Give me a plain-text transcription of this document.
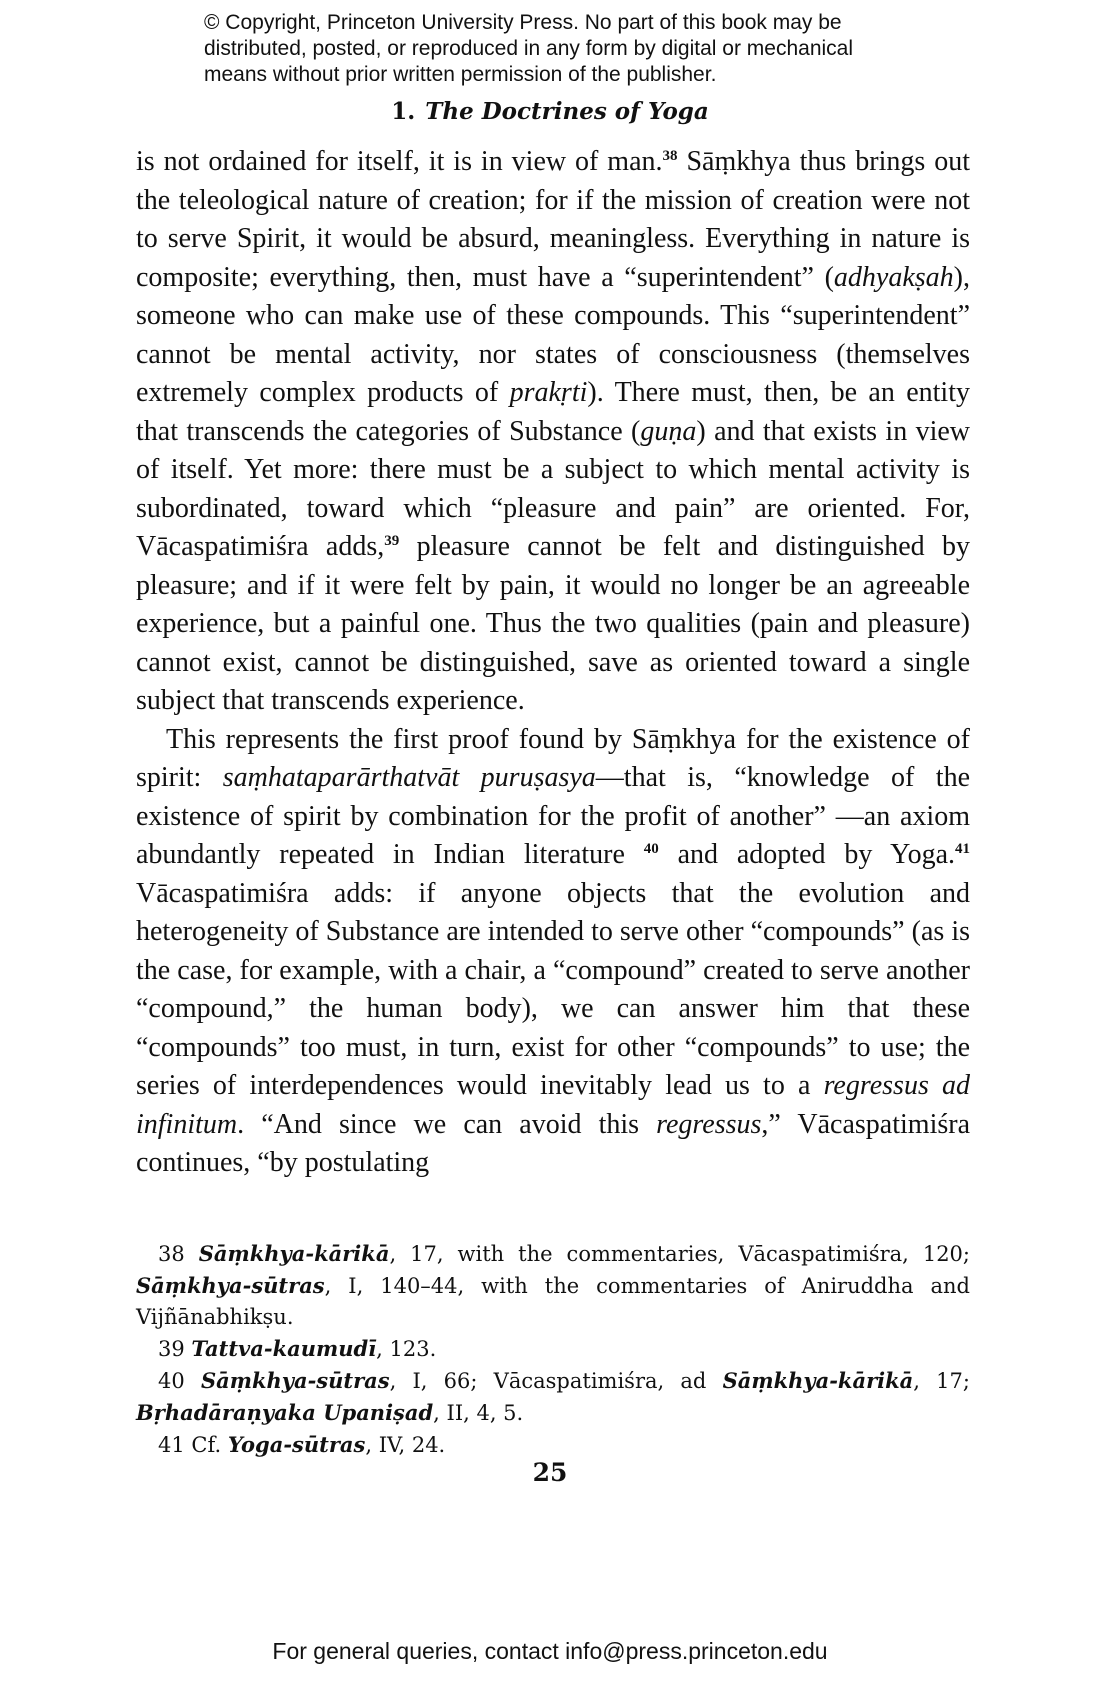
© Copyright, Princeton University Press. No part of this book may be
distributed, posted, or reproduced in any form by digital or mechanical
means without prior written permission of the publisher.
1. The Doctrines of Yoga

is not ordained for itself, it is in view of man.$^{38}$ Sāṃkhya thus brings out the teleological nature of creation; for if the mission of creation were not to serve Spirit, it would be absurd, meaningless. Everything in nature is composite; everything, then, must have a “superintendent” (adhyakṣah), someone who can make use of these compounds. This “superintendent” cannot be mental activity, nor states of consciousness (themselves extremely complex products of prakṛti). There must, then, be an entity that transcends the categories of Substance (guṇa) and that exists in view of itself. Yet more: there must be a subject to which mental activity is subordinated, toward which “pleasure and pain” are oriented. For, Vācaspatimiśra adds,$^{39}$ pleasure cannot be felt and distinguished by pleasure; and if it were felt by pain, it would no longer be an agreeable experience, but a painful one. Thus the two qualities (pain and pleasure) cannot exist, cannot be distinguished, save as oriented toward a single subject that transcends experience.

This represents the first proof found by Sāṃkhya for the existence of spirit: saṃhataparārthatvāt puruṣasya—that is, “knowledge of the existence of spirit by combination for the profit of another” —an axiom abundantly repeated in Indian literature $^{40}$ and adopted by Yoga.$^{41}$ Vācaspatimiśra adds: if anyone objects that the evolution and heterogeneity of Substance are intended to serve other “compounds” (as is the case, for example, with a chair, a “compound” created to serve another “compound,” the human body), we can answer him that these “compounds” too must, in turn, exist for other “compounds” to use; the series of interdependences would inevitably lead us to a regressus ad infinitum. “And since we can avoid this regressus,” Vācaspatimiśra continues, “by postulating

38 Sāṃkhya-kārikā, 17, with the commentaries, Vācaspatimiśra, 120; Sāṃkhya-sūtras, I, 140–44, with the commentaries of Aniruddha and Vijñānabhikṣu.

39 Tattva-kaumudī, 123.

40 Sāṃkhya-sūtras, I, 66; Vācaspatimiśra, ad Sāṃkhya-kārikā, 17; Bṛhadāraṇyaka Upaniṣad, II, 4, 5.

41 Cf. Yoga-sūtras, IV, 24.

25
For general queries, contact info@press.princeton.edu
